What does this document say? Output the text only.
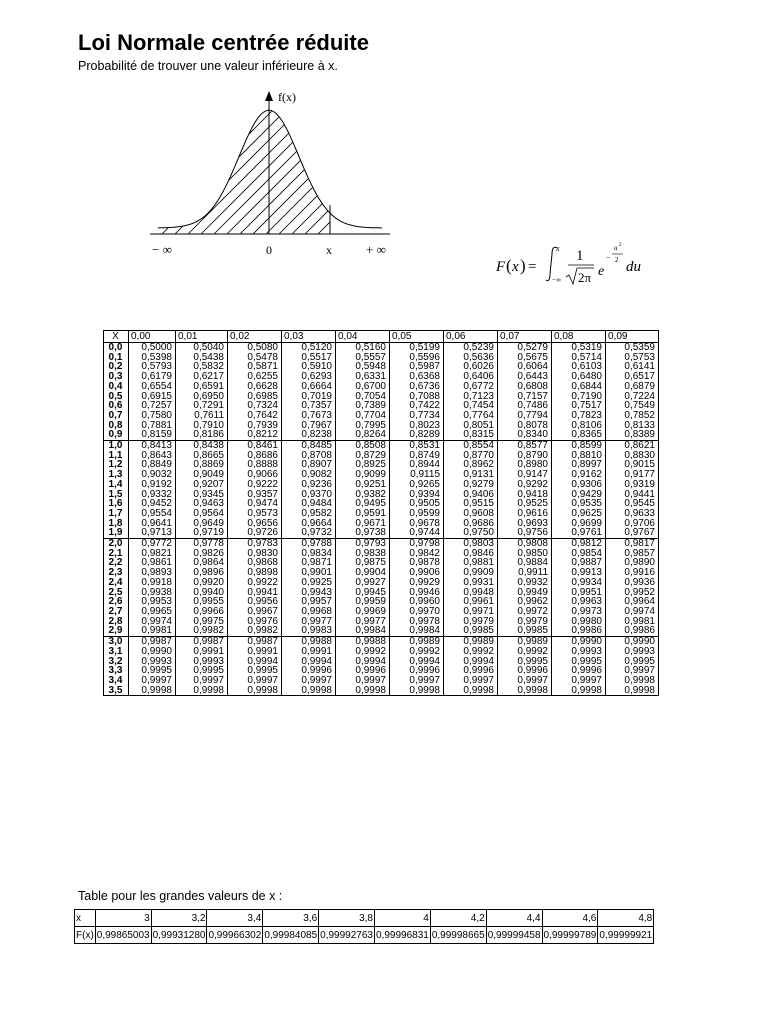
Loi Normale centrée réduite

Probabilité de trouver une valeur inférieure à x.

f(x)
− ∞	0	x	+ ∞
F ( x ) =
x
−∞
1
2π e
−
u 2
2 du
X	0,00	0,01	0,02	0,03	0,04	0,05	0,06	0,07	0,08	0,09
0,0	0,5000	0,5040	0,5080	0,5120	0,5160	0,5199	0,5239	0,5279	0,5319	0,5359
0,1	0,5398	0,5438	0,5478	0,5517	0,5557	0,5596	0,5636	0,5675	0,5714	0,5753
0,2	0,5793	0,5832	0,5871	0,5910	0,5948	0,5987	0,6026	0,6064	0,6103	0,6141
0,3	0,6179	0,6217	0,6255	0,6293	0,6331	0,6368	0,6406	0,6443	0,6480	0,6517
0,4	0,6554	0,6591	0,6628	0,6664	0,6700	0,6736	0,6772	0,6808	0,6844	0,6879
0,5	0,6915	0,6950	0,6985	0,7019	0,7054	0,7088	0,7123	0,7157	0,7190	0,7224
0,6	0,7257	0,7291	0,7324	0,7357	0,7389	0,7422	0,7454	0,7486	0,7517	0,7549
0,7	0,7580	0,7611	0,7642	0,7673	0,7704	0,7734	0,7764	0,7794	0,7823	0,7852
0,8	0,7881	0,7910	0,7939	0,7967	0,7995	0,8023	0,8051	0,8078	0,8106	0,8133
0,9	0,8159	0,8186	0,8212	0,8238	0,8264	0,8289	0,8315	0,8340	0,8365	0,8389
1,0	0,8413	0,8438	0,8461	0,8485	0,8508	0,8531	0,8554	0,8577	0,8599	0,8621
1,1	0,8643	0,8665	0,8686	0,8708	0,8729	0,8749	0,8770	0,8790	0,8810	0,8830
1,2	0,8849	0,8869	0,8888	0,8907	0,8925	0,8944	0,8962	0,8980	0,8997	0,9015
1,3	0,9032	0,9049	0,9066	0,9082	0,9099	0,9115	0,9131	0,9147	0,9162	0,9177
1,4	0,9192	0,9207	0,9222	0,9236	0,9251	0,9265	0,9279	0,9292	0,9306	0,9319
1,5	0,9332	0,9345	0,9357	0,9370	0,9382	0,9394	0,9406	0,9418	0,9429	0,9441
1,6	0,9452	0,9463	0,9474	0,9484	0,9495	0,9505	0,9515	0,9525	0,9535	0,9545
1,7	0,9554	0,9564	0,9573	0,9582	0,9591	0,9599	0,9608	0,9616	0,9625	0,9633
1,8	0,9641	0,9649	0,9656	0,9664	0,9671	0,9678	0,9686	0,9693	0,9699	0,9706
1,9	0,9713	0,9719	0,9726	0,9732	0,9738	0,9744	0,9750	0,9756	0,9761	0,9767
2,0	0,9772	0,9778	0,9783	0,9788	0,9793	0,9798	0,9803	0,9808	0,9812	0,9817
2,1	0,9821	0,9826	0,9830	0,9834	0,9838	0,9842	0,9846	0,9850	0,9854	0,9857
2,2	0,9861	0,9864	0,9868	0,9871	0,9875	0,9878	0,9881	0,9884	0,9887	0,9890
2,3	0,9893	0,9896	0,9898	0,9901	0,9904	0,9906	0,9909	0,9911	0,9913	0,9916
2,4	0,9918	0,9920	0,9922	0,9925	0,9927	0,9929	0,9931	0,9932	0,9934	0,9936
2,5	0,9938	0,9940	0,9941	0,9943	0,9945	0,9946	0,9948	0,9949	0,9951	0,9952
2,6	0,9953	0,9955	0,9956	0,9957	0,9959	0,9960	0,9961	0,9962	0,9963	0,9964
2,7	0,9965	0,9966	0,9967	0,9968	0,9969	0,9970	0,9971	0,9972	0,9973	0,9974
2,8	0,9974	0,9975	0,9976	0,9977	0,9977	0,9978	0,9979	0,9979	0,9980	0,9981
2,9	0,9981	0,9982	0,9982	0,9983	0,9984	0,9984	0,9985	0,9985	0,9986	0,9986
3,0	0,9987	0,9987	0,9987	0,9988	0,9988	0,9989	0,9989	0,9989	0,9990	0,9990
3,1	0,9990	0,9991	0,9991	0,9991	0,9992	0,9992	0,9992	0,9992	0,9993	0,9993
3,2	0,9993	0,9993	0,9994	0,9994	0,9994	0,9994	0,9994	0,9995	0,9995	0,9995
3,3	0,9995	0,9995	0,9995	0,9996	0,9996	0,9996	0,9996	0,9996	0,9996	0,9997
3,4	0,9997	0,9997	0,9997	0,9997	0,9997	0,9997	0,9997	0,9997	0,9997	0,9998
3,5	0,9998	0,9998	0,9998	0,9998	0,9998	0,9998	0,9998	0,9998	0,9998	0,9998

Table pour les grandes valeurs de x :

x	3	3,2	3,4	3,6	3,8	4	4,2	4,4	4,6	4,8
F(x)	0,99865003	0,99931280	0,99966302	0,99984085	0,99992763	0,99996831	0,99998665	0,99999458	0,99999789	0,99999921
